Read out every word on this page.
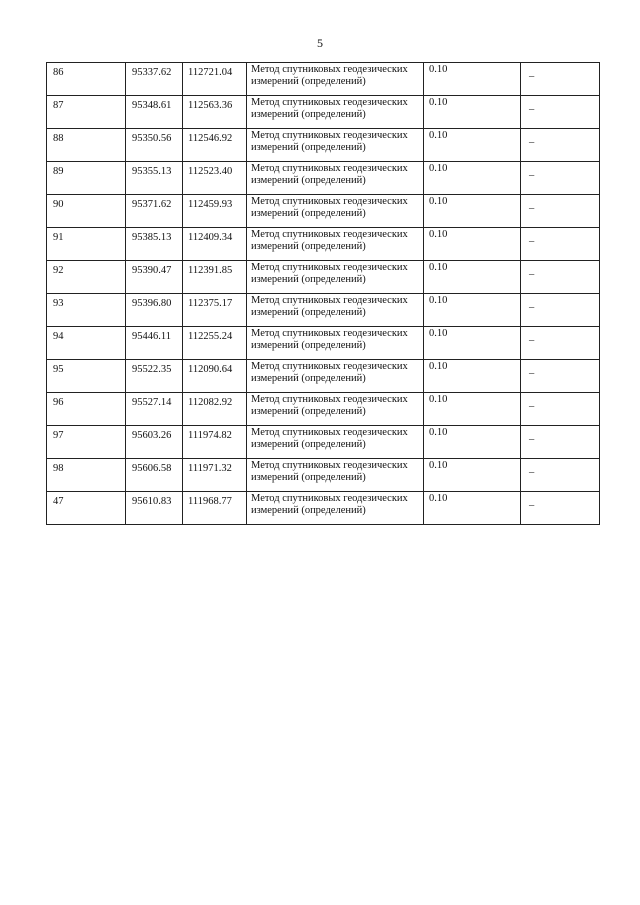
5
86	95337.62	112721.04	Метод спутниковых геодезических
измерений (определений)	0.10	–
87	95348.61	112563.36	Метод спутниковых геодезических
измерений (определений)	0.10	–
88	95350.56	112546.92	Метод спутниковых геодезических
измерений (определений)	0.10	–
89	95355.13	112523.40	Метод спутниковых геодезических
измерений (определений)	0.10	–
90	95371.62	112459.93	Метод спутниковых геодезических
измерений (определений)	0.10	–
91	95385.13	112409.34	Метод спутниковых геодезических
измерений (определений)	0.10	–
92	95390.47	112391.85	Метод спутниковых геодезических
измерений (определений)	0.10	–
93	95396.80	112375.17	Метод спутниковых геодезических
измерений (определений)	0.10	–
94	95446.11	112255.24	Метод спутниковых геодезических
измерений (определений)	0.10	–
95	95522.35	112090.64	Метод спутниковых геодезических
измерений (определений)	0.10	–
96	95527.14	112082.92	Метод спутниковых геодезических
измерений (определений)	0.10	–
97	95603.26	111974.82	Метод спутниковых геодезических
измерений (определений)	0.10	–
98	95606.58	111971.32	Метод спутниковых геодезических
измерений (определений)	0.10	–
47	95610.83	111968.77	Метод спутниковых геодезических
измерений (определений)	0.10	–
